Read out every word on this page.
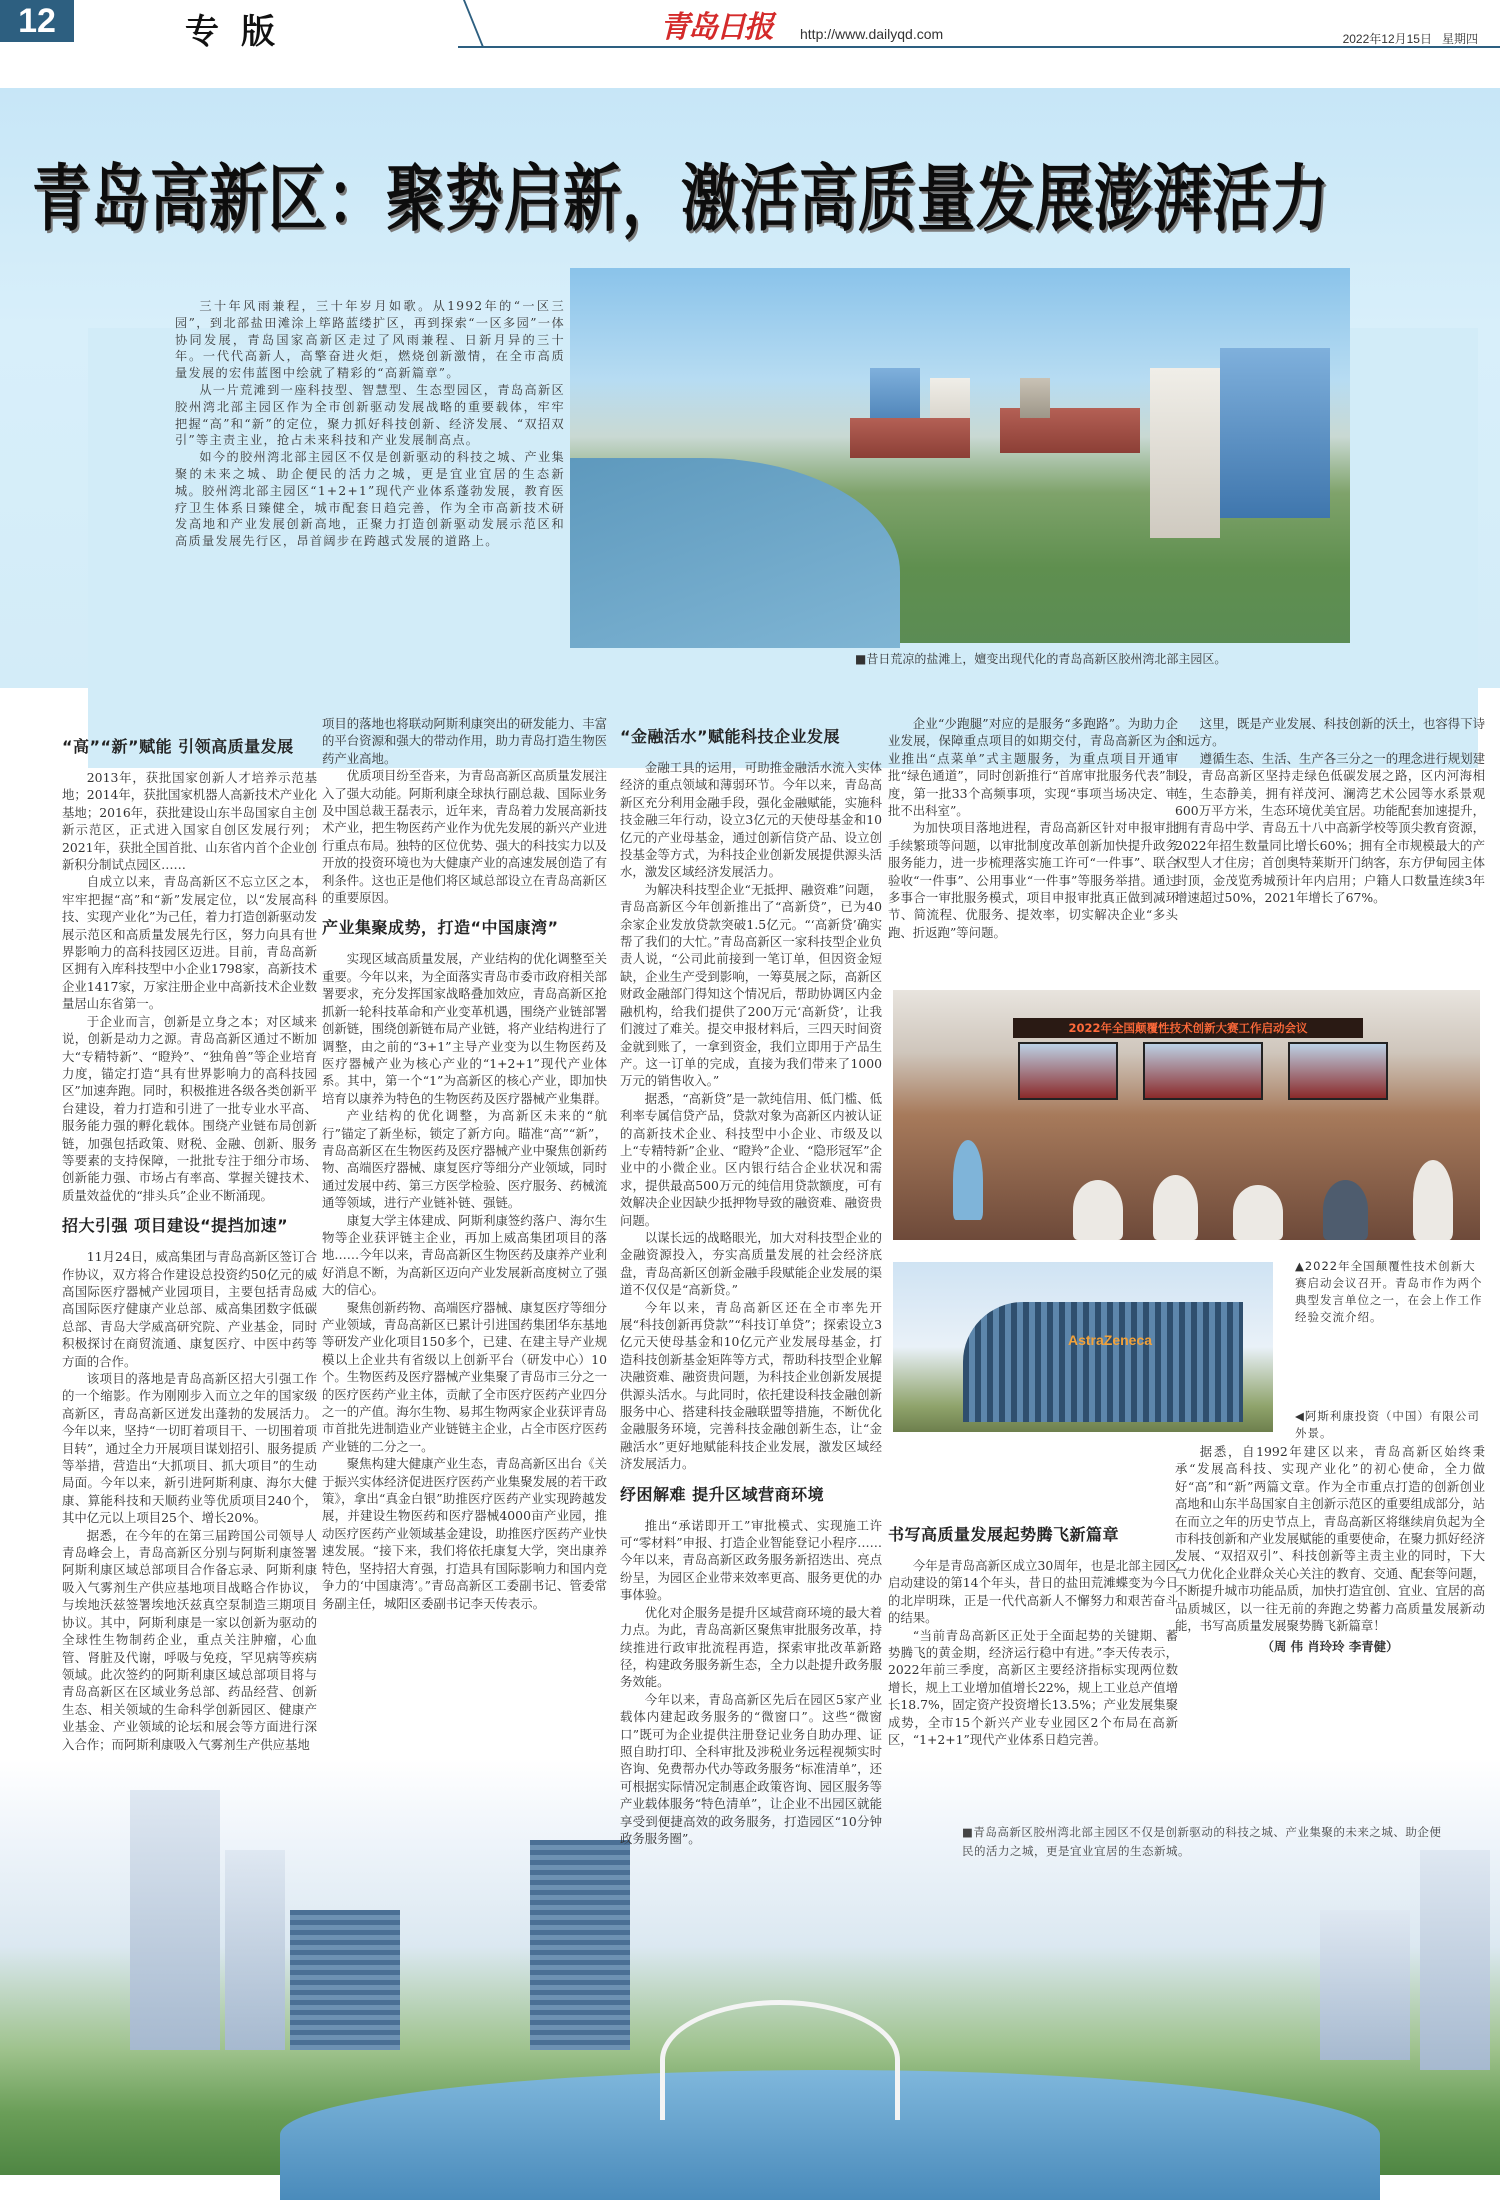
12	专版	青岛日报 http://www.dailyqd.com	2022年12月15日 星期四
青岛高新区：聚势启新，激活高质量发展澎湃活力

三十年风雨兼程，三十年岁月如歌。从1992年的“一区三园”，到北部盐田滩涂上筚路蓝缕扩区，再到探索“一区多园”一体协同发展，青岛国家高新区走过了风雨兼程、日新月异的三十年。一代代高新人，高擎奋进火炬，燃烧创新激情，在全市高质量发展的宏伟蓝图中绘就了精彩的“高新篇章”。

从一片荒滩到一座科技型、智慧型、生态型园区，青岛高新区胶州湾北部主园区作为全市创新驱动发展战略的重要载体，牢牢把握“高”和“新”的定位，聚力抓好科技创新、经济发展、“双招双引”等主责主业，抢占未来科技和产业发展制高点。

如今的胶州湾北部主园区不仅是创新驱动的科技之城、产业集聚的未来之城、助企便民的活力之城，更是宜业宜居的生态新城。胶州湾北部主园区“1+2+1”现代产业体系蓬勃发展，教育医疗卫生体系日臻健全，城市配套日趋完善，作为全市高新技术研发高地和产业发展创新高地，正聚力打造创新驱动发展示范区和高质量发展先行区，昂首阔步在跨越式发展的道路上。

■昔日荒凉的盐滩上，嬗变出现代化的青岛高新区胶州湾北部主园区。
“高”“新”赋能 引领高质量发展

2013年，获批国家创新人才培养示范基地；2014年，获批国家机器人高新技术产业化基地；2016年，获批建设山东半岛国家自主创新示范区，正式进入国家自创区发展行列；2021年，获批全国首批、山东省内首个企业创新积分制试点园区……

自成立以来，青岛高新区不忘立区之本，牢牢把握“高”和“新”发展定位，以“发展高科技、实现产业化”为己任，着力打造创新驱动发展示范区和高质量发展先行区，努力向具有世界影响力的高科技园区迈进。目前，青岛高新区拥有入库科技型中小企业1798家，高新技术企业1417家，万家注册企业中高新技术企业数量居山东省第一。

于企业而言，创新是立身之本；对区域来说，创新是动力之源。青岛高新区通过不断加大“专精特新”、“瞪羚”、“独角兽”等企业培育力度，锚定打造“具有世界影响力的高科技园区”加速奔跑。同时，积极推进各级各类创新平台建设，着力打造和引进了一批专业水平高、服务能力强的孵化载体。围绕产业链布局创新链，加强包括政策、财税、金融、创新、服务等要素的支持保障，一批批专注于细分市场、创新能力强、市场占有率高、掌握关键技术、质量效益优的“排头兵”企业不断涌现。

招大引强 项目建设“提挡加速”

11月24日，威高集团与青岛高新区签订合作协议，双方将合作建设总投资约50亿元的威高国际医疗器械产业园项目，主要包括青岛威高国际医疗健康产业总部、威高集团数字低碳总部、青岛大学威高研究院、产业基金，同时积极探讨在商贸流通、康复医疗、中医中药等方面的合作。

该项目的落地是青岛高新区招大引强工作的一个缩影。作为刚刚步入而立之年的国家级高新区，青岛高新区迸发出蓬勃的发展活力。今年以来，坚持“一切盯着项目干、一切围着项目转”，通过全力开展项目谋划招引、服务提质等举措，营造出“大抓项目、抓大项目”的生动局面。今年以来，新引进阿斯利康、海尔大健康、算能科技和天顺药业等优质项目240个，其中亿元以上项目25个、增长20%。

据悉，在今年的在第三届跨国公司领导人青岛峰会上，青岛高新区分别与阿斯利康签署阿斯利康区域总部项目合作备忘录、阿斯利康吸入气雾剂生产供应基地项目战略合作协议，与埃地沃兹签署埃地沃兹真空泵制造三期项目协议。其中，阿斯利康是一家以创新为驱动的全球性生物制药企业，重点关注肿瘤，心血管、肾脏及代谢，呼吸与免疫，罕见病等疾病领域。此次签约的阿斯利康区域总部项目将与青岛高新区在区域业务总部、药品经营、创新生态、相关领域的生命科学创新园区、健康产业基金、产业领域的论坛和展会等方面进行深入合作；而阿斯利康吸入气雾剂生产供应基地

项目的落地也将联动阿斯利康突出的研发能力、丰富的平台资源和强大的带动作用，助力青岛打造生物医药产业高地。

优质项目纷至沓来，为青岛高新区高质量发展注入了强大动能。阿斯利康全球执行副总裁、国际业务及中国总裁王磊表示，近年来，青岛着力发展高新技术产业，把生物医药产业作为优先发展的新兴产业进行重点布局。独特的区位优势、强大的科技实力以及开放的投资环境也为大健康产业的高速发展创造了有利条件。这也正是他们将区域总部设立在青岛高新区的重要原因。

产业集聚成势，打造“中国康湾”

实现区域高质量发展，产业结构的优化调整至关重要。今年以来，为全面落实青岛市委市政府相关部署要求，充分发挥国家战略叠加效应，青岛高新区抢抓新一轮科技革命和产业变革机遇，围绕产业链部署创新链，围绕创新链布局产业链，将产业结构进行了调整，由之前的“3+1”主导产业变为以生物医药及医疗器械产业为核心产业的“1+2+1”现代产业体系。其中，第一个“1”为高新区的核心产业，即加快培育以康养为特色的生物医药及医疗器械产业集群。

产业结构的优化调整，为高新区未来的“航行”锚定了新坐标，锁定了新方向。瞄准“高”“新”，青岛高新区在生物医药及医疗器械产业中聚焦创新药物、高端医疗器械、康复医疗等细分产业领域，同时通过发展中药、第三方医学检验、医疗服务、药械流通等领域，进行产业链补链、强链。

康复大学主体建成、阿斯利康签约落户、海尔生物等企业获评链主企业，再加上威高集团项目的落地……今年以来，青岛高新区生物医药及康养产业利好消息不断，为高新区迈向产业发展新高度树立了强大的信心。

聚焦创新药物、高端医疗器械、康复医疗等细分产业领域，青岛高新区已累计引进国药集团华东基地等研发产业化项目150多个，已建、在建主导产业规模以上企业共有省级以上创新平台（研发中心）10个。生物医药及医疗器械产业集聚了青岛市三分之一的医疗医药产业主体，贡献了全市医疗医药产业四分之一的产值。海尔生物、易邦生物两家企业获评青岛市首批先进制造业产业链链主企业，占全市医疗医药产业链的二分之一。

聚焦构建大健康产业生态，青岛高新区出台《关于振兴实体经济促进医疗医药产业集聚发展的若干政策》，拿出“真金白银”助推医疗医药产业实现跨越发展，并建设生物医药和医疗器械4000亩产业园，推动医疗医药产业领域基金建设，助推医疗医药产业快速发展。“接下来，我们将依托康复大学，突出康养特色，坚持招大育强，打造具有国际影响力和国内竞争力的‘中国康湾’。”青岛高新区工委副书记、管委常务副主任，城阳区委副书记李天传表示。

“金融活水”赋能科技企业发展

金融工具的运用，可助推金融活水流入实体经济的重点领域和薄弱环节。今年以来，青岛高新区充分利用金融手段，强化金融赋能，实施科技金融三年行动，设立3亿元的天使母基金和10亿元的产业母基金，通过创新信贷产品、设立创投基金等方式，为科技企业创新发展提供源头活水，激发区域经济发展活力。

为解决科技型企业“无抵押、融资难”问题，青岛高新区今年创新推出了“高新贷”，已为40余家企业发放贷款突破1.5亿元。“‘高新贷’确实帮了我们的大忙。”青岛高新区一家科技型企业负责人说，“公司此前接到一笔订单，但因资金短缺，企业生产受到影响，一筹莫展之际，高新区财政金融部门得知这个情况后，帮助协调区内金融机构，给我们提供了200万元‘高新贷’，让我们渡过了难关。提交申报材料后，三四天时间资金就到账了，一拿到资金，我们立即用于产品生产。这一订单的完成，直接为我们带来了1000万元的销售收入。”

据悉，“高新贷”是一款纯信用、低门槛、低利率专属信贷产品，贷款对象为高新区内被认证的高新技术企业、科技型中小企业、市级及以上“专精特新”企业、“瞪羚”企业、“隐形冠军”企业中的小微企业。区内银行结合企业状况和需求，提供最高500万元的纯信用贷款额度，可有效解决企业因缺少抵押物导致的融资难、融资贵问题。

以谋长远的战略眼光，加大对科技型企业的金融资源投入，夯实高质量发展的社会经济底盘，青岛高新区创新金融手段赋能企业发展的渠道不仅仅是“高新贷。”

今年以来，青岛高新区还在全市率先开展“科技创新再贷款”“科技订单贷”；探索设立3亿元天使母基金和10亿元产业发展母基金，打造科技创新基金矩阵等方式，帮助科技型企业解决融资难、融资贵问题，为科技企业创新发展提供源头活水。与此同时，依托建设科技金融创新服务中心、搭建科技金融联盟等措施，不断优化金融服务环境，完善科技金融创新生态，让“金融活水”更好地赋能科技企业发展，激发区域经济发展活力。

纾困解难 提升区域营商环境

推出“承诺即开工”审批模式、实现施工许可“零材料”申报、打造企业智能登记小程序……今年以来，青岛高新区政务服务新招迭出、亮点纷呈，为园区企业带来效率更高、服务更优的办事体验。

优化对企服务是提升区域营商环境的最大着力点。为此，青岛高新区聚焦审批服务改革，持续推进行政审批流程再造，探索审批改革新路径，构建政务服务新生态，全力以赴提升政务服务效能。

今年以来，青岛高新区先后在园区5家产业载体内建起政务服务的“微窗口”。这些“微窗口”既可为企业提供注册登记业务自助办理、证照自助打印、全科审批及涉税业务远程视频实时咨询、免费帮办代办等政务服务“标准清单”，还可根据实际情况定制惠企政策咨询、园区服务等产业载体服务“特色清单”，让企业不出园区就能享受到便捷高效的政务服务，打造园区“10分钟政务服务圈”。

企业“少跑腿”对应的是服务“多跑路”。为助力企业发展，保障重点项目的如期交付，青岛高新区为企业推出“点菜单”式主题服务，为重点项目开通审批“绿色通道”，同时创新推行“首席审批服务代表”制度，第一批33个高频事项，实现“事项当场决定、审批不出科室”。

为加快项目落地进程，青岛高新区针对申报审批手续繁琐等问题，以审批制度改革创新加快提升政务服务能力，进一步梳理落实施工许可“一件事”、联合验收“一件事”、公用事业“一件事”等服务举措。通过多事合一审批服务模式，项目申报审批真正做到减环节、简流程、优服务、提效率，切实解决企业“多头跑、折返跑”等问题。

这里，既是产业发展、科技创新的沃土，也容得下诗和远方。

遵循生态、生活、生产各三分之一的理念进行规划建设，青岛高新区坚持走绿色低碳发展之路，区内河海相连，生态静美，拥有祥茂河、澜湾艺术公园等水系景观600万平方米，生态环境优美宜居。功能配套加速提升，拥有青岛中学、青岛五十八中高新学校等顶尖教育资源，2022年招生数量同比增长60%；拥有全市规模最大的产权型人才住房；首创奥特莱斯开门纳客，东方伊甸园主体封顶，金茂览秀城预计年内启用；户籍人口数量连续3年增速超过50%，2021年增长了67%。

2022年全国颠覆性技术创新大赛工作启动会议
▲2022年全国颠覆性技术创新大赛启动会议召开。青岛市作为两个典型发言单位之一，在会上作工作经验交流介绍。
AstraZeneca
◀阿斯利康投资（中国）有限公司外景。
书写高质量发展起势腾飞新篇章

今年是青岛高新区成立30周年，也是北部主园区启动建设的第14个年头，昔日的盐田荒滩蝶变为今日的北岸明珠，正是一代代高新人不懈努力和艰苦奋斗的结果。

“当前青岛高新区正处于全面起势的关键期、蓄势腾飞的黄金期，经济运行稳中有进。”李天传表示，2022年前三季度，高新区主要经济指标实现两位数增长，规上工业增加值增长22%，规上工业总产值增长18.7%，固定资产投资增长13.5%；产业发展集聚成势，全市15个新兴产业专业园区2个布局在高新区，“1+2+1”现代产业体系日趋完善。

据悉，自1992年建区以来，青岛高新区始终秉承“发展高科技、实现产业化”的初心使命，全力做好“高”和“新”两篇文章。作为全市重点打造的创新创业高地和山东半岛国家自主创新示范区的重要组成部分，站在而立之年的历史节点上，青岛高新区将继续肩负起为全市科技创新和产业发展赋能的重要使命，在聚力抓好经济发展、“双招双引”、科技创新等主责主业的同时，下大气力优化企业群众关心关注的教育、交通、配套等问题，不断提升城市功能品质，加快打造宜创、宜业、宜居的高品质城区，以一往无前的奔跑之势蓄力高质量发展新动能，书写高质量发展聚势腾飞新篇章！

（周 伟 肖玲玲 李青健）

■青岛高新区胶州湾北部主园区不仅是创新驱动的科技之城、产业集聚的未来之城、助企便民的活力之城，更是宜业宜居的生态新城。
